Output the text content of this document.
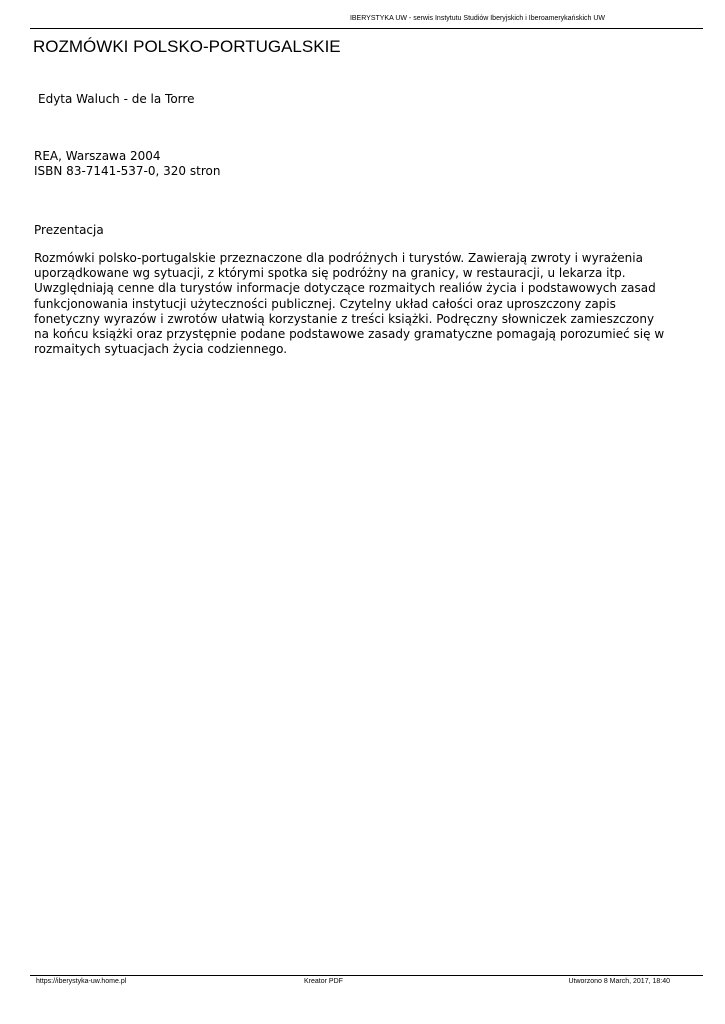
IBERYSTYKA UW - serwis Instytutu Studiów Iberyjskich i Iberoamerykańskich UW
ROZMÓWKI POLSKO-PORTUGALSKIE
Edyta Waluch - de la Torre
REA, Warszawa 2004
ISBN 83-7141-537-0, 320 stron
Prezentacja

Rozmówki polsko-portugalskie przeznaczone dla podróżnych i turystów. Zawierają zwroty i wyrażenia
uporządkowane wg sytuacji, z którymi spotka się podróżny na granicy, w restauracji, u lekarza itp.
Uwzględniają cenne dla turystów informacje dotyczące rozmaitych realiów życia i podstawowych zasad
funkcjonowania instytucji użyteczności publicznej. Czytelny układ całości oraz uproszczony zapis
fonetyczny wyrazów i zwrotów ułatwią korzystanie z treści książki. Podręczny słowniczek zamieszczony
na końcu książki oraz przystępnie podane podstawowe zasady gramatyczne pomagają porozumieć się w
rozmaitych sytuacjach życia codziennego.

https://iberystyka-uw.home.pl	Kreator PDF	Utworzono 8 March, 2017, 18:40
